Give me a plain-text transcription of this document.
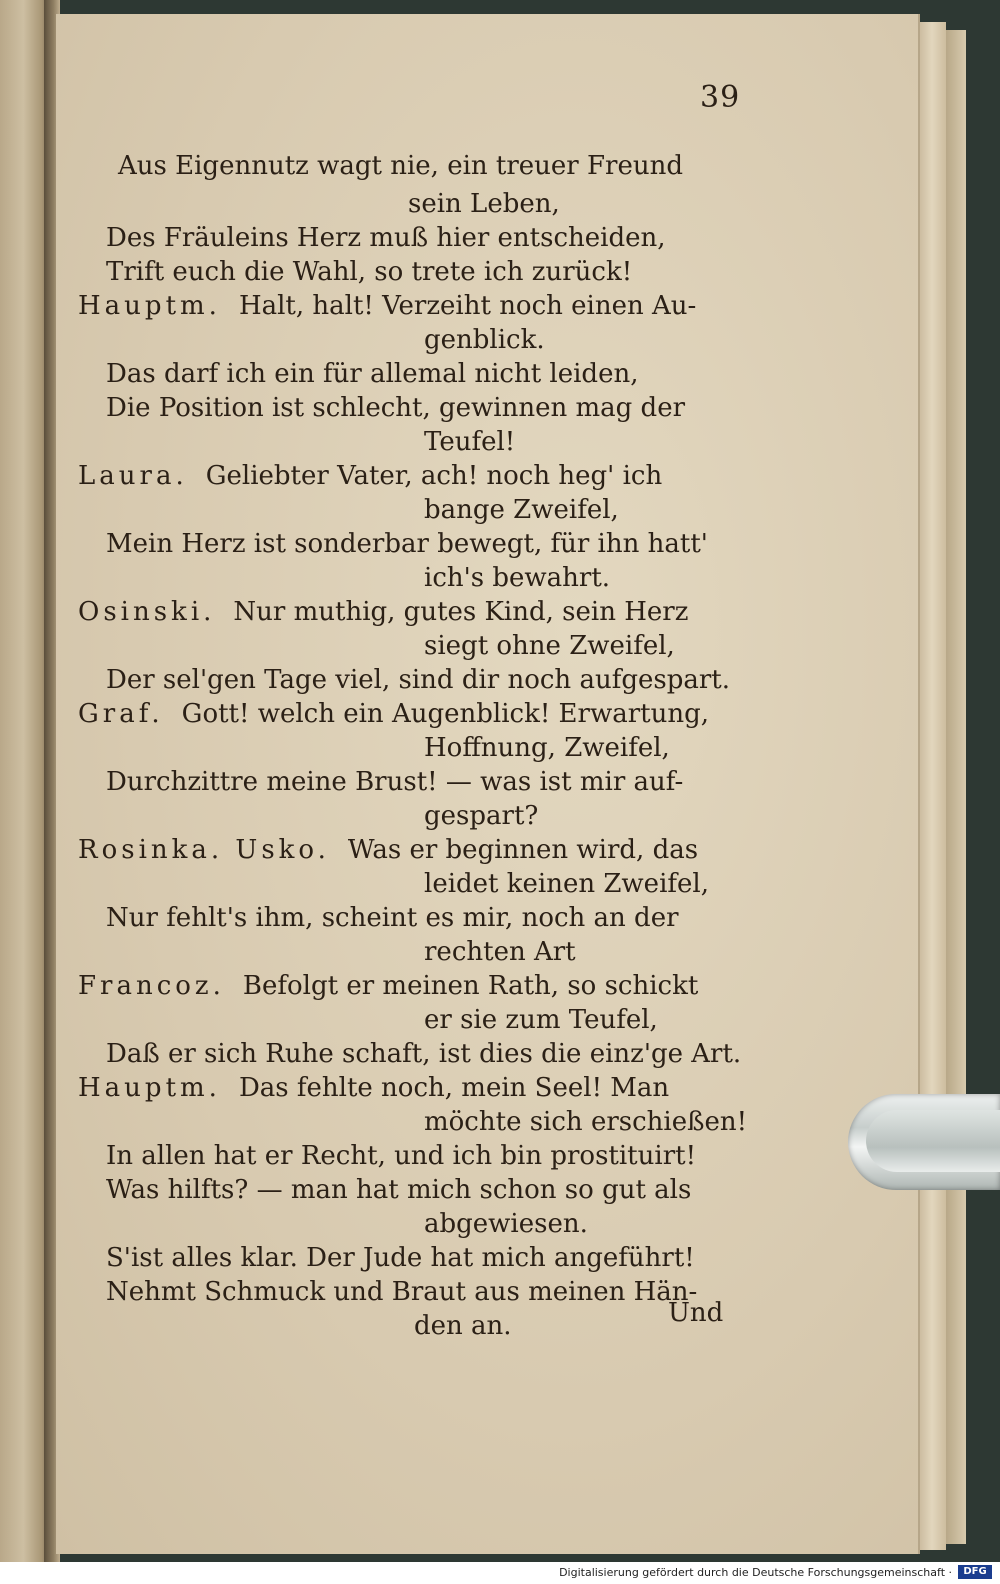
39
Aus Eigennutz wagt nie, ein treuer Freund
sein Leben,
Des Fräuleins Herz muß hier entscheiden,
Trift euch die Wahl, so trete ich zurück!
Hauptm. Halt, halt! Verzeiht noch einen Au-
genblick.
Das darf ich ein für allemal nicht leiden,
Die Position ist schlecht, gewinnen mag der
Teufel!
Laura. Geliebter Vater, ach! noch heg' ich
bange Zweifel,
Mein Herz ist sonderbar bewegt, für ihn hatt'
ich's bewahrt.
Osinski. Nur muthig, gutes Kind, sein Herz
siegt ohne Zweifel,
Der sel'gen Tage viel, sind dir noch aufgespart.
Graf. Gott! welch ein Augenblick! Erwartung,
Hoffnung, Zweifel,
Durchzittre meine Brust! — was ist mir auf-
gespart?
Rosinka. Usko. Was er beginnen wird, das
leidet keinen Zweifel,
Nur fehlt's ihm, scheint es mir, noch an der
rechten Art
Francoz. Befolgt er meinen Rath, so schickt
er sie zum Teufel,
Daß er sich Ruhe schaft, ist dies die einz'ge Art.
Hauptm. Das fehlte noch, mein Seel! Man
möchte sich erschießen!
In allen hat er Recht, und ich bin prostituirt!
Was hilfts? — man hat mich schon so gut als
abgewiesen.
S'ist alles klar. Der Jude hat mich angeführt!
Nehmt Schmuck und Braut aus meinen Hän-
den an.	Und
Digitalisierung gefördert durch die Deutsche Forschungsgemeinschaft ·	DFG
